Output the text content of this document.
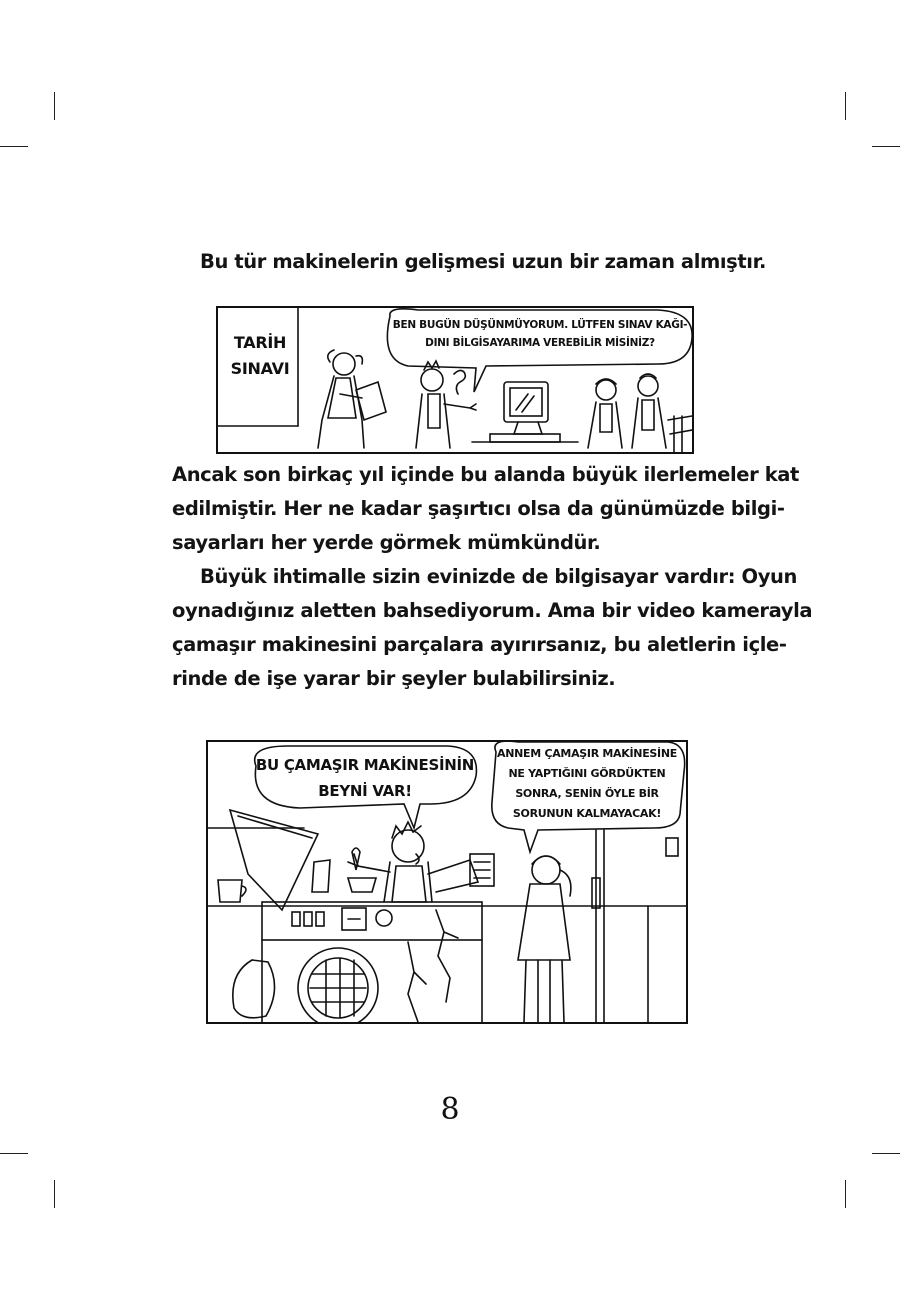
Bu tür makinelerin gelişmesi uzun bir zaman almıştır.
TARİH
SINAVI
BEN BUGÜN DÜŞÜNMÜYORUM. LÜTFEN SINAV KAĞI-
DINI BİLGİSAYARIMA VEREBİLİR MİSİNİZ?
Ancak son birkaç yıl içinde bu alanda büyük ilerlemeler kat
edilmiştir. Her ne kadar şaşırtıcı olsa da günümüzde bilgi-
sayarları her yerde görmek mümkündür.
Büyük ihtimalle sizin evinizde de bilgisayar vardır: Oyun
oynadığınız aletten bahsediyorum. Ama bir video kamerayla
çamaşır makinesini parçalara ayırırsanız, bu aletlerin içle-
rinde de işe yarar bir şeyler bulabilirsiniz.
BU ÇAMAŞIR MAKİNESİNİN
BEYNİ VAR!
ANNEM ÇAMAŞIR MAKİNESİNE
NE YAPTIĞINI GÖRDÜKTEN
SONRA, SENİN ÖYLE BİR
SORUNUN KALMAYACAK!
8
